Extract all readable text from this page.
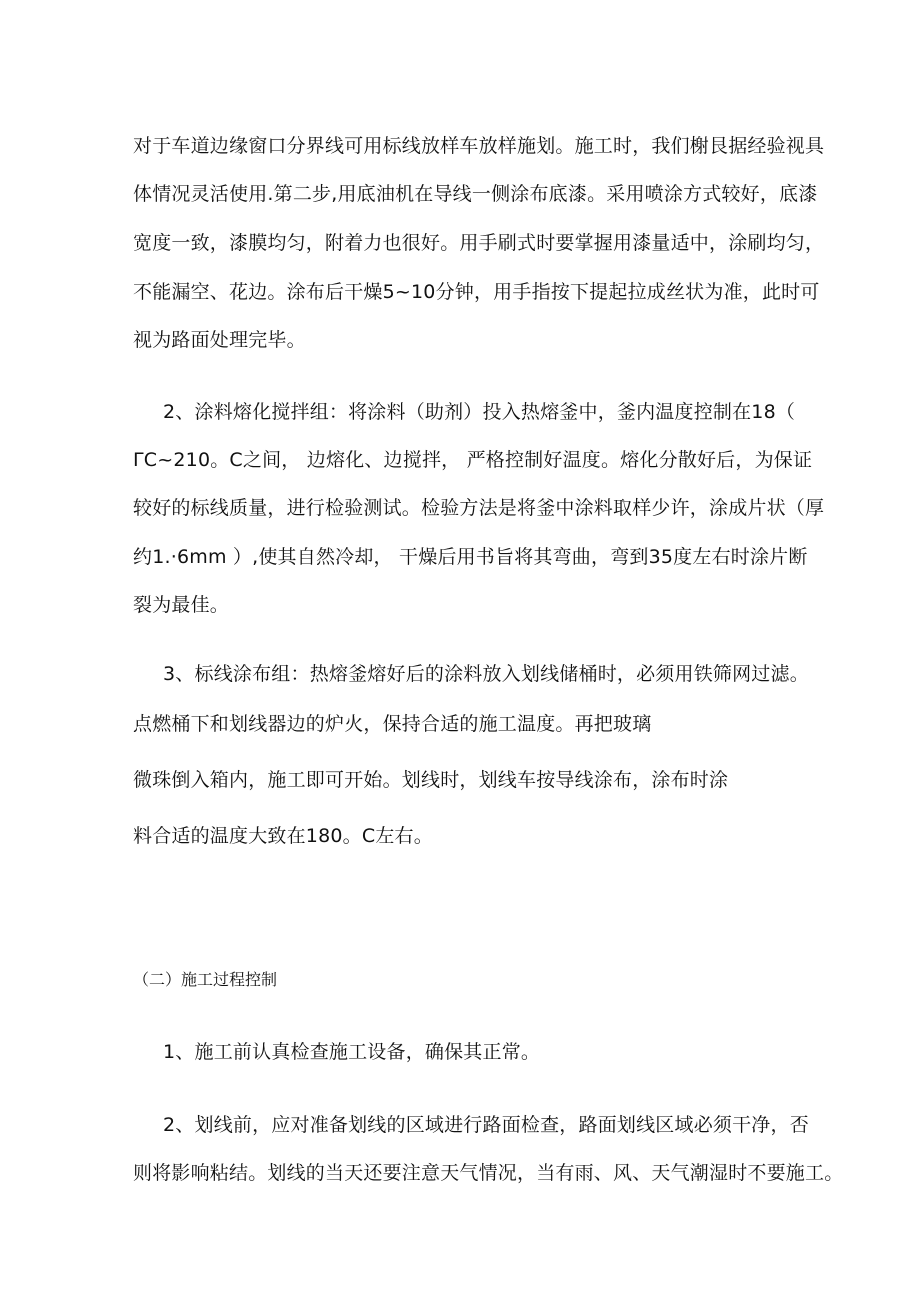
对于车道边缘窗口分界线可用标线放样车放样施划。施工时，我们榭艮据经验视具
体情况灵活使用.第二步,用底油机在导线一侧涂布底漆。采用喷涂方式较好，底漆
宽度一致，漆膜均匀，附着力也很好。用手刷式时要掌握用漆量适中，涂刷均匀，
不能漏空、花边。涂布后干燥5~10分钟，用手指按下提起拉成丝状为准，此时可
视为路面处理完毕。
2、涂料熔化搅拌组：将涂料（助剂）投入热熔釜中，釜内温度控制在18（
ΓC~210。C之间， 边熔化、边搅拌， 严格控制好温度。熔化分散好后，为保证
较好的标线质量，进行检验测试。检验方法是将釜中涂料取样少许，涂成片状（厚
约1.·6mm ）,使其自然冷却， 干燥后用书旨将其弯曲，弯到35度左右时涂片断
裂为最佳。
3、标线涂布组：热熔釜熔好后的涂料放入划线储桶时，必须用铁筛网过滤。
点燃桶下和划线器边的炉火，保持合适的施工温度。再把玻璃
微珠倒入箱内，施工即可开始。划线时，划线车按导线涂布，涂布时涂
料合适的温度大致在180。C左右。
（二）施工过程控制
1、施工前认真检查施工设备，确保其正常。
2、划线前，应对准备划线的区域进行路面检查，路面划线区域必须干净，否
则将影响粘结。划线的当天还要注意天气情况，当有雨、风、天气潮湿时不要施工。
